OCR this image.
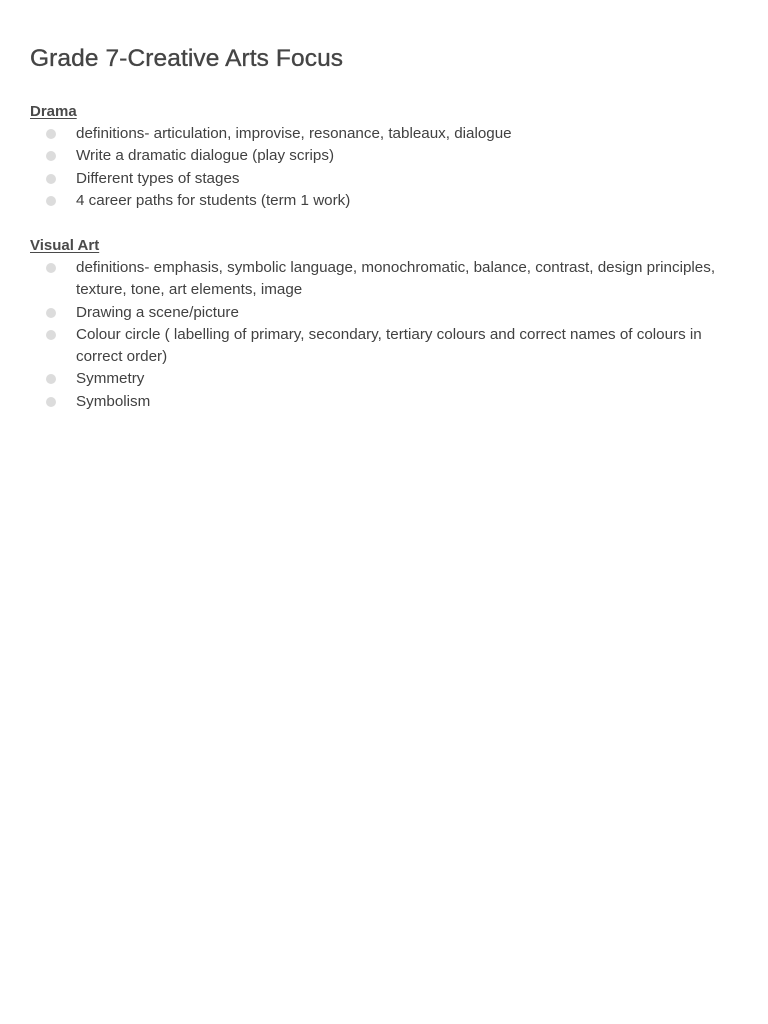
Grade 7-Creative Arts Focus
Drama
definitions- articulation, improvise, resonance, tableaux, dialogue
Write a dramatic dialogue (play scrips)
Different types of stages
4 career paths for students (term 1 work)
Visual Art
definitions- emphasis, symbolic language, monochromatic, balance, contrast, design principles, texture, tone, art elements, image
Drawing a scene/picture
Colour circle ( labelling of primary, secondary, tertiary colours and correct names of colours in correct order)
Symmetry
Symbolism
